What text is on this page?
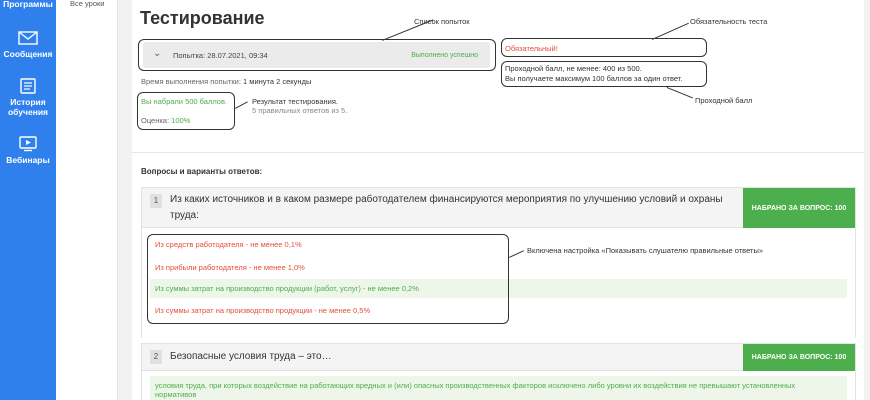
Программы
Сообщения
История обучения
Вебинары
Все уроки
Тестирование
⌄ Попытка: 28.07.2021, 09:34	Выполнено успешно
Время выполнения попытки: 1 минута 2 секунды
Вы набрали 500 баллов.
Оценка: 100%
Обязательный!
Проходной балл, не менее: 400 из 500.
Вы получаете максимум 100 баллов за один ответ.
Список попыток	Обязательность теста
Проходной балл
Результат тестирования.
5 правильных ответов из 5.
Вопросы и варианты ответов:
1	Из каких источников и в каком размере работодателем финансируются мероприятия по улучшению условий и охраны
труда:
НАБРАНО ЗА ВОПРОС: 100
Из средств работодателя - не менее 0,1%
Из прибыли работодателя - не менее 1,0%
Из суммы затрат на производство продукции (работ, услуг) - не менее 0,2%
Из суммы затрат на производство продукции - не менее 0,5%
Включена настройка «Показывать слушателю правильные ответы»
2	Безопасные условия труда – это…	НАБРАНО ЗА ВОПРОС: 100
условия труда, при которых воздействие на работающих вредных и (или) опасных производственных факторов исключено либо уровни их воздействия не превышают установленных
нормативов
